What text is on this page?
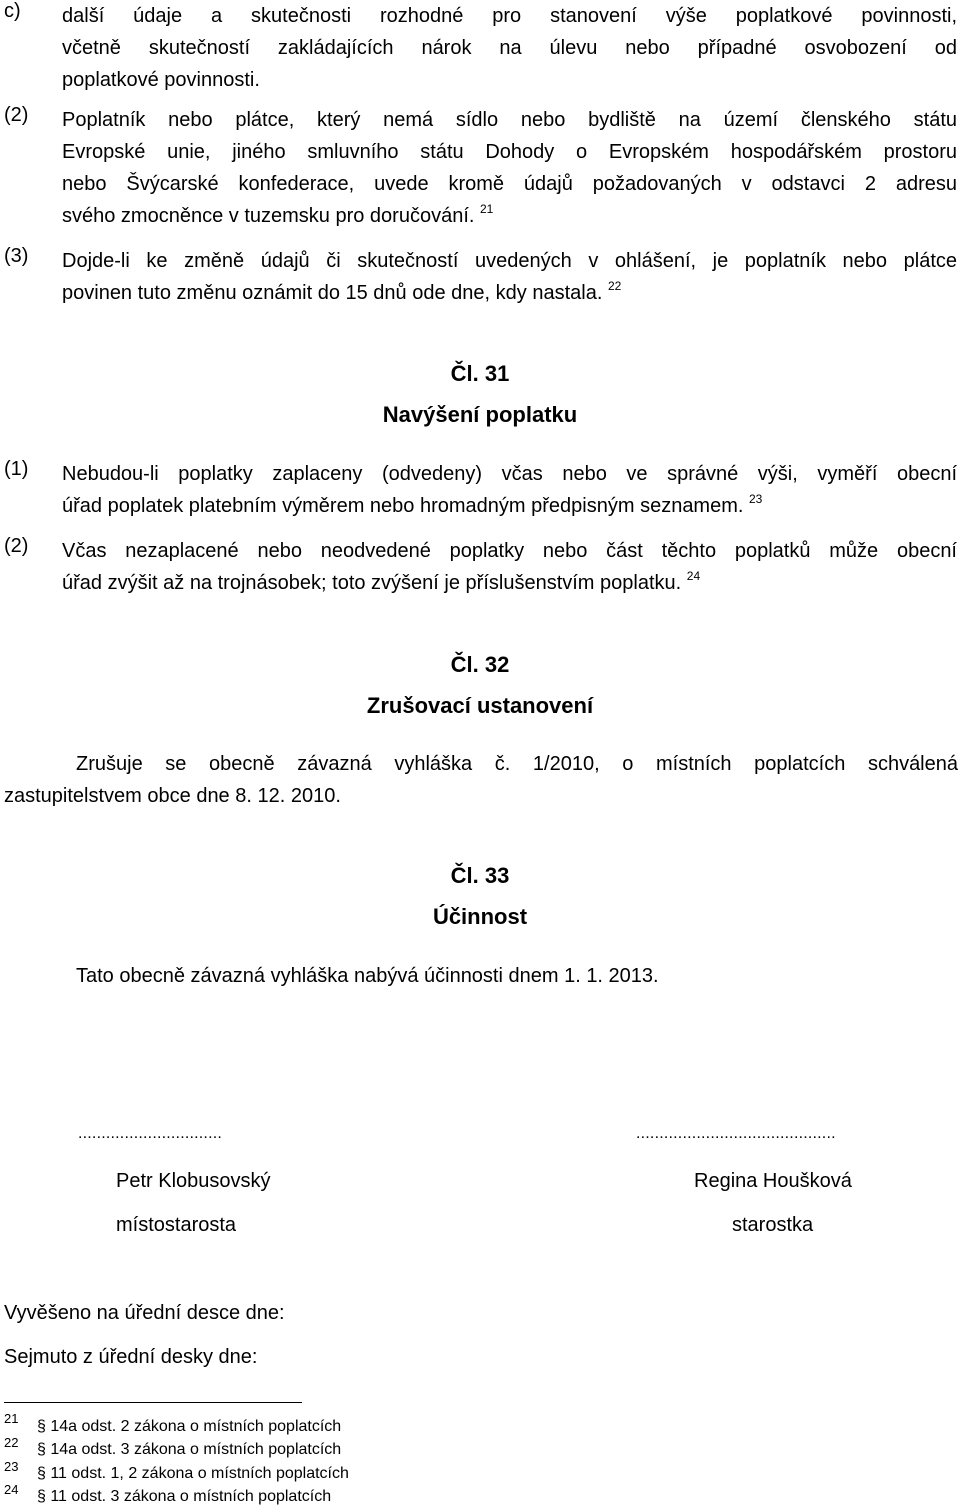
c) další údaje a skutečnosti rozhodné pro stanovení výše poplatkové povinnosti,
včetně skutečností zakládajících nárok na úlevu nebo případné osvobození od
poplatkové povinnosti.
(2) Poplatník nebo plátce, který nemá sídlo nebo bydliště na území členského státu
Evropské unie, jiného smluvního státu Dohody o Evropském hospodářském prostoru
nebo Švýcarské konfederace, uvede kromě údajů požadovaných v odstavci 2 adresu
svého zmocněnce v tuzemsku pro doručování. $^{21}$
(3) Dojde-li ke změně údajů či skutečností uvedených v ohlášení, je poplatník nebo plátce
povinen tuto změnu oznámit do 15 dnů ode dne, kdy nastala. $^{22}$
Čl. 31
Navýšení poplatku
(1) Nebudou-li poplatky zaplaceny (odvedeny) včas nebo ve správné výši, vyměří obecní
úřad poplatek platebním výměrem nebo hromadným předpisným seznamem. $^{23}$
(2) Včas nezaplacené nebo neodvedené poplatky nebo část těchto poplatků může obecní
úřad zvýšit až na trojnásobek; toto zvýšení je příslušenstvím poplatku. $^{24}$
Čl. 32
Zrušovací ustanovení
Zrušuje se obecně závazná vyhláška č. 1/2010, o místních poplatcích schválená
zastupitelstvem obce dne 8. 12. 2010.
Čl. 33
Účinnost
Tato obecně závazná vyhláška nabývá účinnosti dnem 1. 1. 2013.
...............................
Petr Klobusovský
místostarosta
...........................................
Regina Houšková
starostka
Vyvěšeno na úřední desce dne:
Sejmuto z úřední desky dne:
21 § 14a odst. 2 zákona o místních poplatcích
22 § 14a odst. 3 zákona o místních poplatcích
23 § 11 odst. 1, 2 zákona o místních poplatcích
24 § 11 odst. 3 zákona o místních poplatcích
